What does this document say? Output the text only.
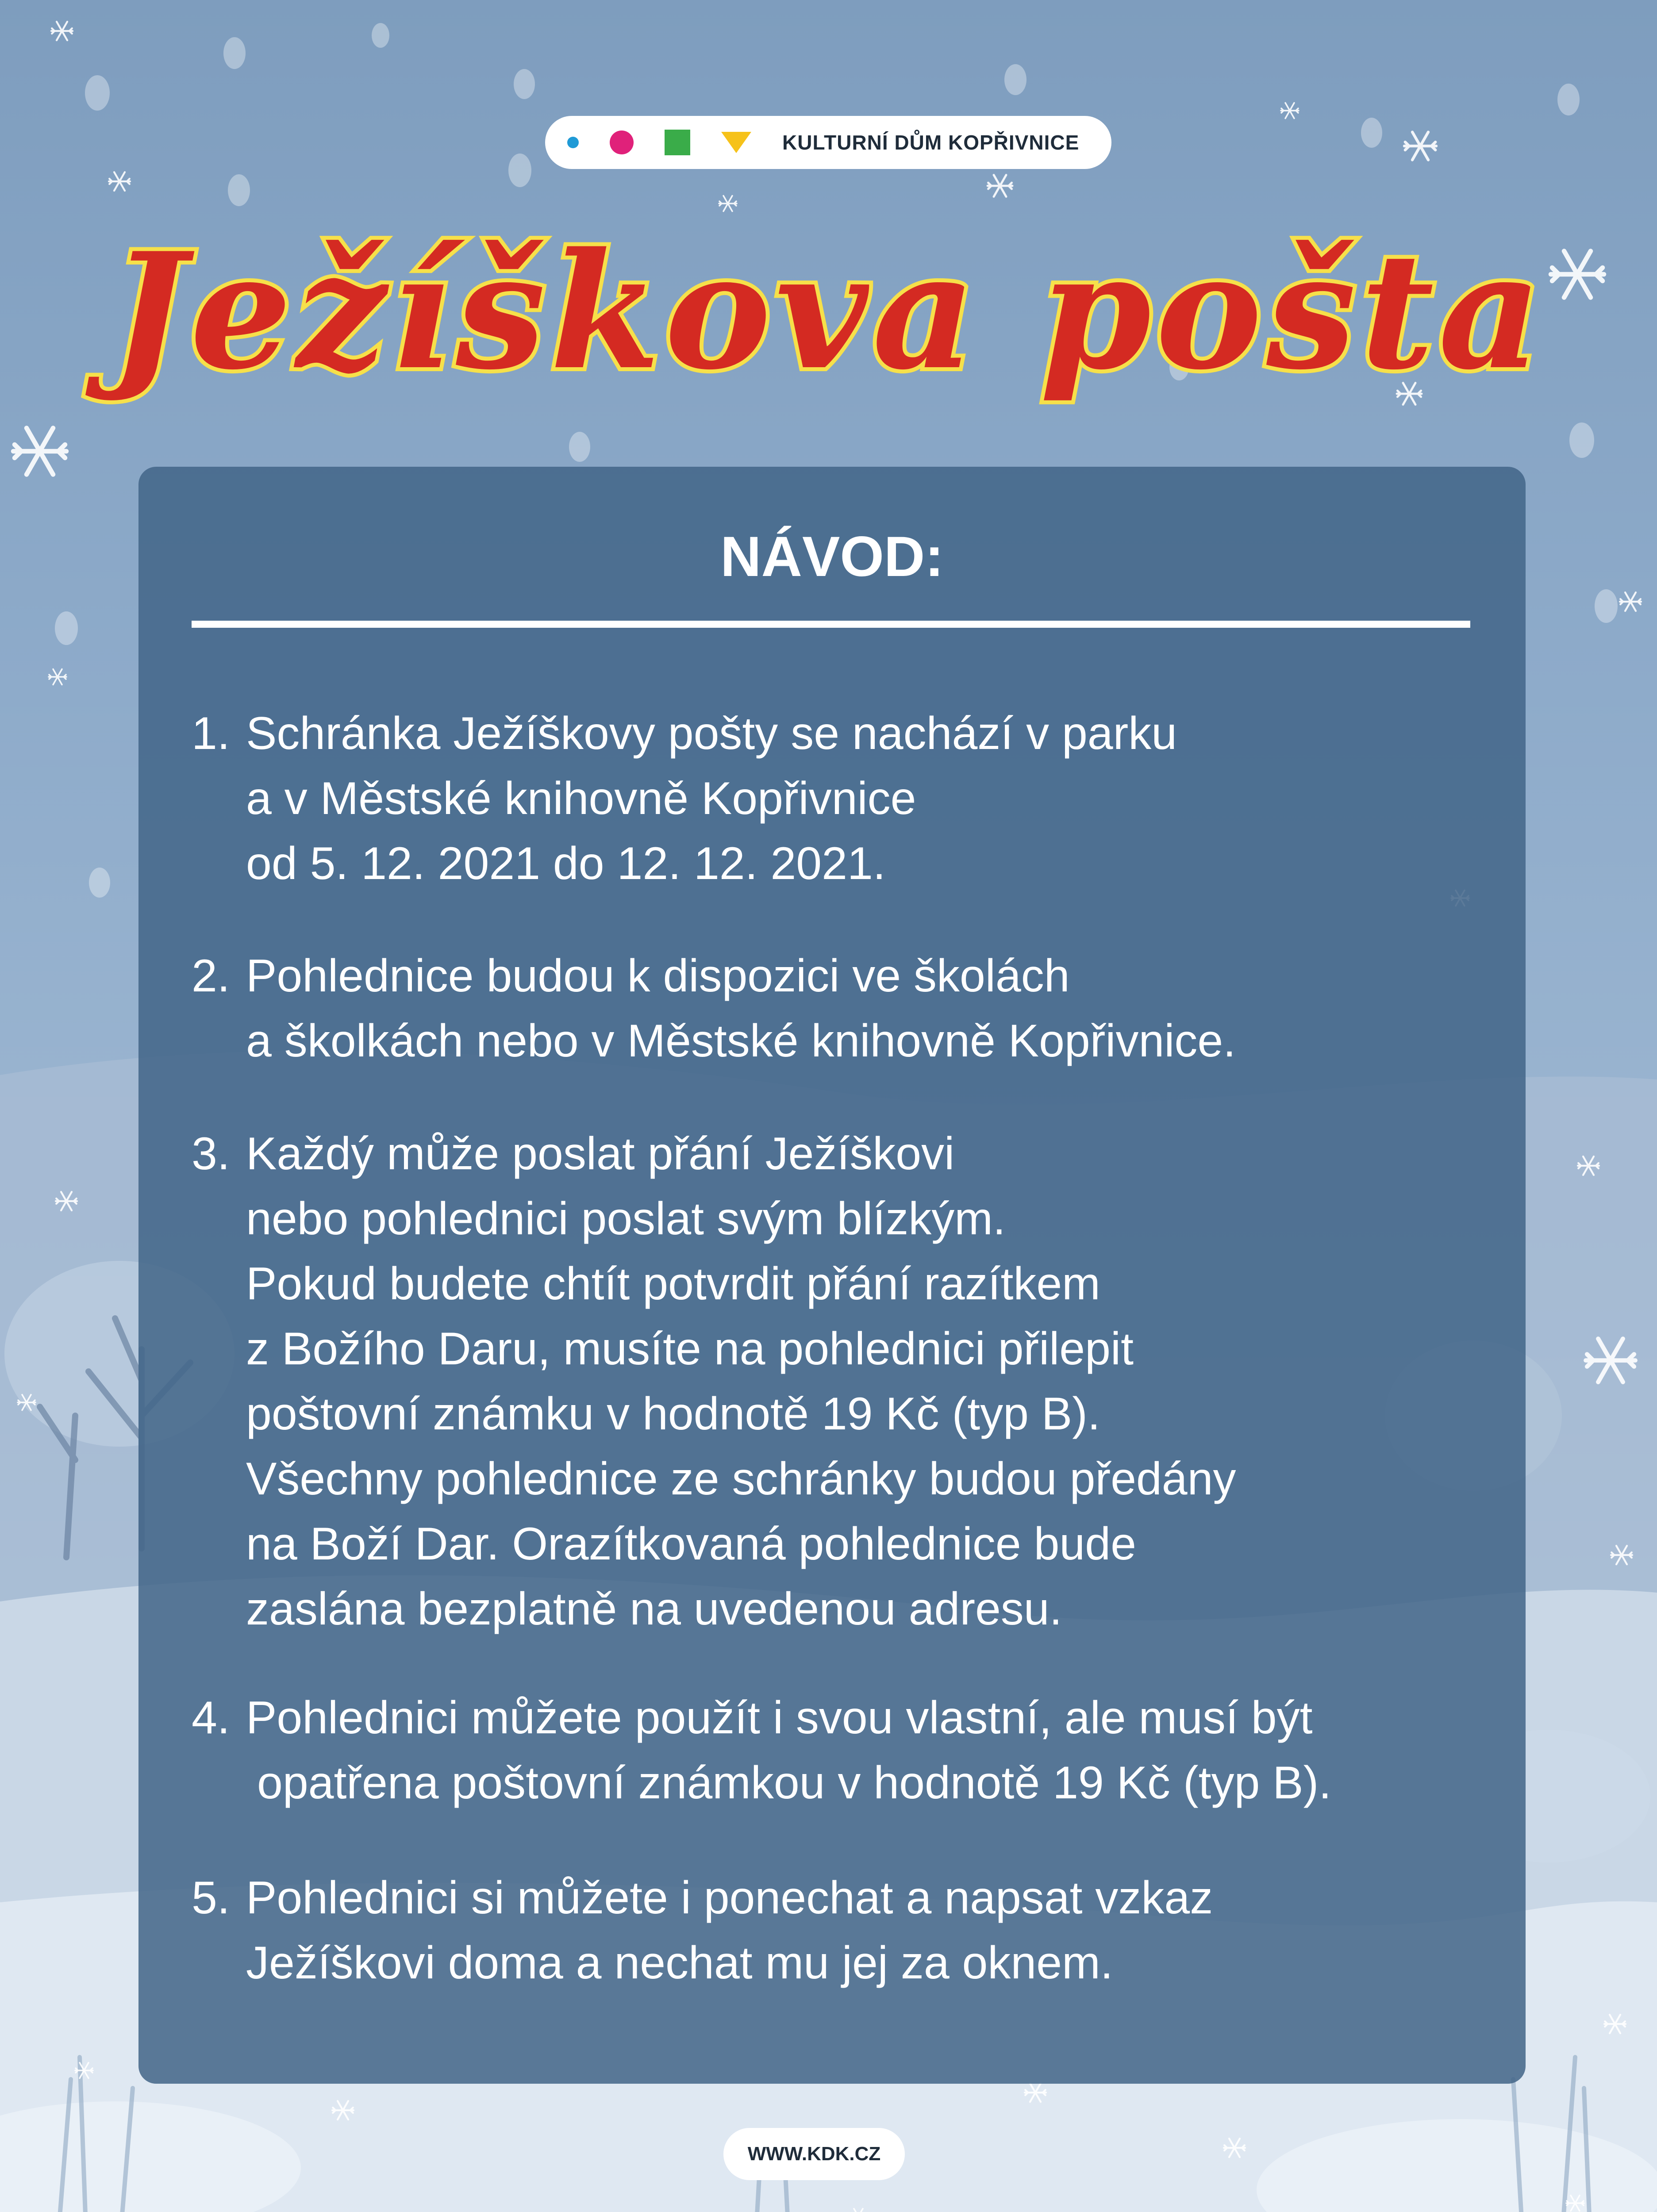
KULTURNÍ DŮM KOPŘIVNICE
Ježíškova pošta
NÁVOD:
1. Schránka Ježíškovy pošty se nachází v parku
a v Městské knihovně Kopřivnice
od 5. 12. 2021 do 12. 12. 2021.
2. Pohlednice budou k dispozici ve školách
a školkách nebo v Městské knihovně Kopřivnice.
3. Každý může poslat přání Ježíškovi
nebo pohlednici poslat svým blízkým.
Pokud budete chtít potvrdit přání razítkem
z Božího Daru, musíte na pohlednici přilepit
poštovní známku v hodnotě 19 Kč (typ B).
Všechny pohlednice ze schránky budou předány
na Boží Dar. Orazítkovaná pohlednice bude
zaslána bezplatně na uvedenou adresu.
4. Pohlednici můžete použít i svou vlastní, ale musí být
opatřena poštovní známkou v hodnotě 19 Kč (typ B).
5. Pohlednici si můžete i ponechat a napsat vzkaz
Ježíškovi doma a nechat mu jej za oknem.
WWW.KDK.CZ
